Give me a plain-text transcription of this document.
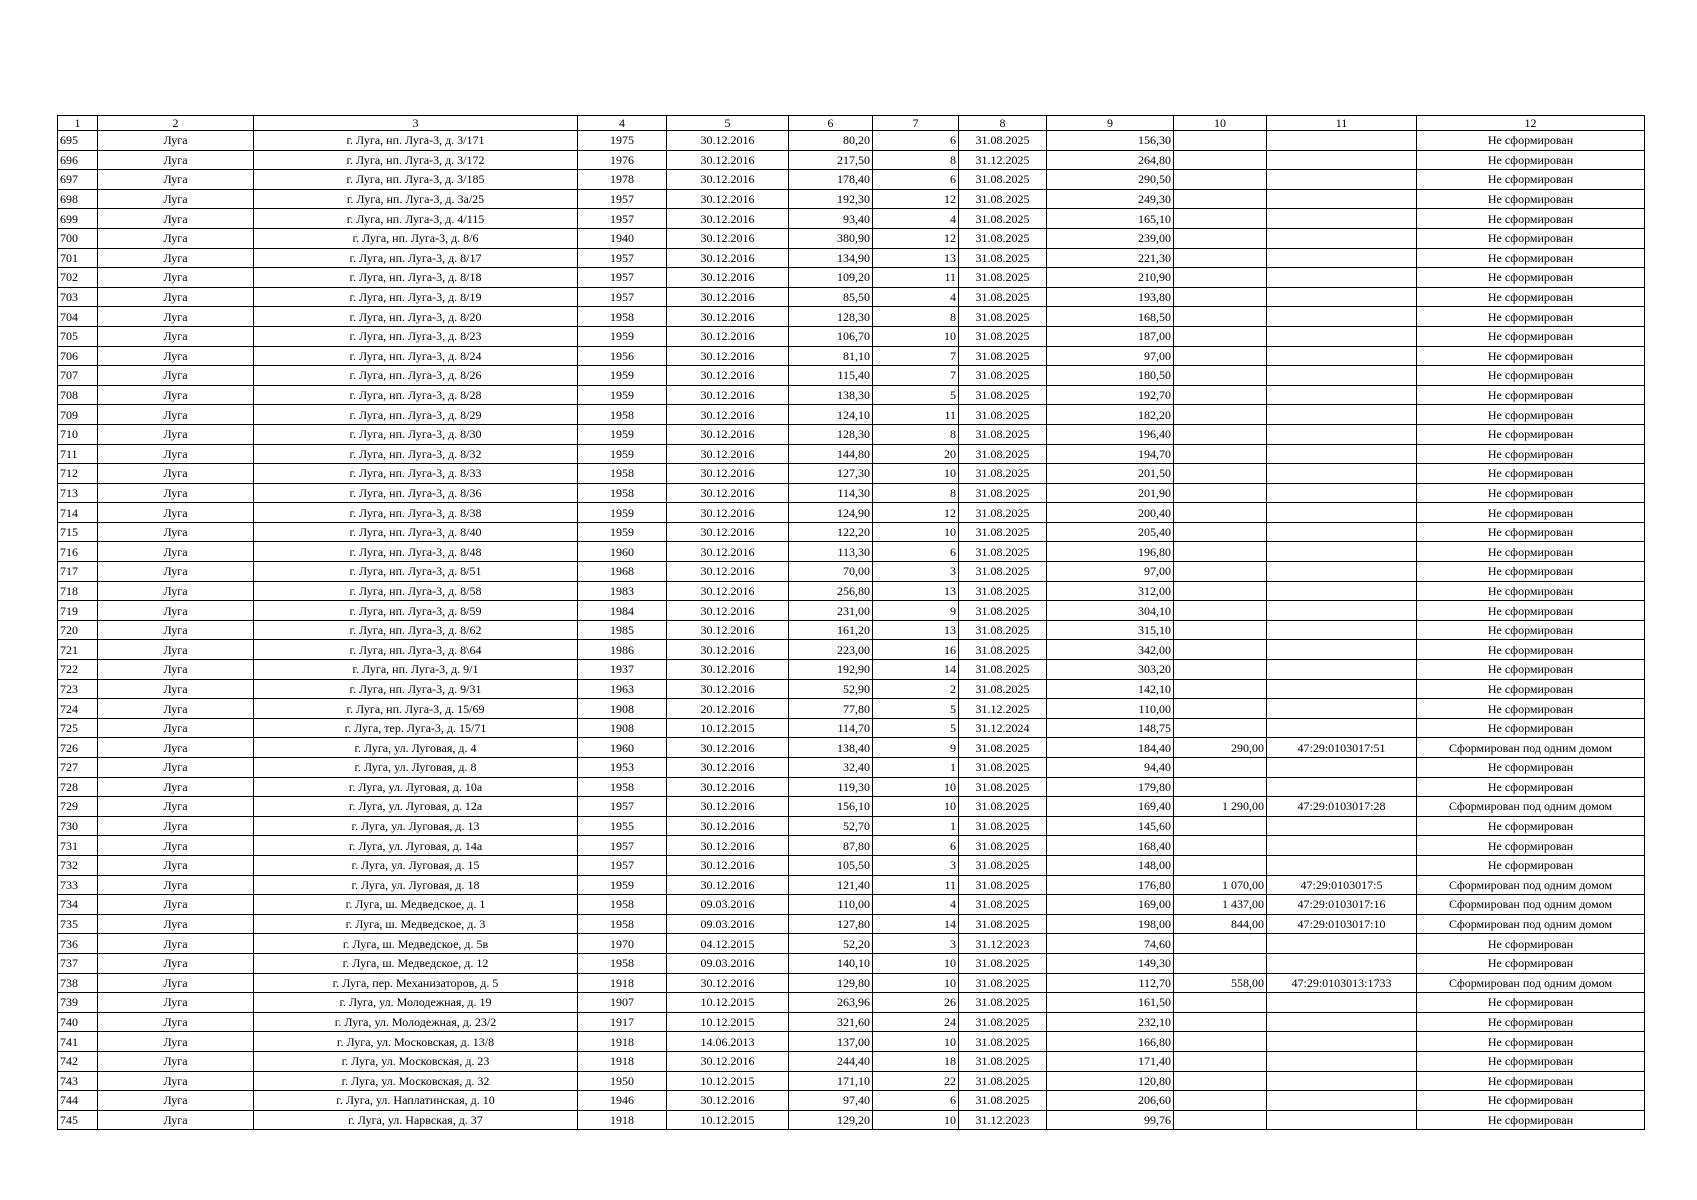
1	2	3	4	5	6	7	8	9	10	11	12
695	Луга	г. Луга, нп. Луга-3, д. 3/171	1975	30.12.2016	80,20	6	31.08.2025	156,30			Не сформирован
696	Луга	г. Луга, нп. Луга-3, д. 3/172	1976	30.12.2016	217,50	8	31.12.2025	264,80			Не сформирован
697	Луга	г. Луга, нп. Луга-3, д. 3/185	1978	30.12.2016	178,40	6	31.08.2025	290,50			Не сформирован
698	Луга	г. Луга, нп. Луга-3, д. 3а/25	1957	30.12.2016	192,30	12	31.08.2025	249,30			Не сформирован
699	Луга	г. Луга, нп. Луга-3, д. 4/115	1957	30.12.2016	93,40	4	31.08.2025	165,10			Не сформирован
700	Луга	г. Луга, нп. Луга-3, д. 8/6	1940	30.12.2016	380,90	12	31.08.2025	239,00			Не сформирован
701	Луга	г. Луга, нп. Луга-3, д. 8/17	1957	30.12.2016	134,90	13	31.08.2025	221,30			Не сформирован
702	Луга	г. Луга, нп. Луга-3, д. 8/18	1957	30.12.2016	109,20	11	31.08.2025	210,90			Не сформирован
703	Луга	г. Луга, нп. Луга-3, д. 8/19	1957	30.12.2016	85,50	4	31.08.2025	193,80			Не сформирован
704	Луга	г. Луга, нп. Луга-3, д. 8/20	1958	30.12.2016	128,30	8	31.08.2025	168,50			Не сформирован
705	Луга	г. Луга, нп. Луга-3, д. 8/23	1959	30.12.2016	106,70	10	31.08.2025	187,00			Не сформирован
706	Луга	г. Луга, нп. Луга-3, д. 8/24	1956	30.12.2016	81,10	7	31.08.2025	97,00			Не сформирован
707	Луга	г. Луга, нп. Луга-3, д. 8/26	1959	30.12.2016	115,40	7	31.08.2025	180,50			Не сформирован
708	Луга	г. Луга, нп. Луга-3, д. 8/28	1959	30.12.2016	138,30	5	31.08.2025	192,70			Не сформирован
709	Луга	г. Луга, нп. Луга-3, д. 8/29	1958	30.12.2016	124,10	11	31.08.2025	182,20			Не сформирован
710	Луга	г. Луга, нп. Луга-3, д. 8/30	1959	30.12.2016	128,30	8	31.08.2025	196,40			Не сформирован
711	Луга	г. Луга, нп. Луга-3, д. 8/32	1959	30.12.2016	144,80	20	31.08.2025	194,70			Не сформирован
712	Луга	г. Луга, нп. Луга-3, д. 8/33	1958	30.12.2016	127,30	10	31.08.2025	201,50			Не сформирован
713	Луга	г. Луга, нп. Луга-3, д. 8/36	1958	30.12.2016	114,30	8	31.08.2025	201,90			Не сформирован
714	Луга	г. Луга, нп. Луга-3, д. 8/38	1959	30.12.2016	124,90	12	31.08.2025	200,40			Не сформирован
715	Луга	г. Луга, нп. Луга-3, д. 8/40	1959	30.12.2016	122,20	10	31.08.2025	205,40			Не сформирован
716	Луга	г. Луга, нп. Луга-3, д. 8/48	1960	30.12.2016	113,30	6	31.08.2025	196,80			Не сформирован
717	Луга	г. Луга, нп. Луга-3, д. 8/51	1968	30.12.2016	70,00	3	31.08.2025	97,00			Не сформирован
718	Луга	г. Луга, нп. Луга-3, д. 8/58	1983	30.12.2016	256,80	13	31.08.2025	312,00			Не сформирован
719	Луга	г. Луга, нп. Луга-3, д. 8/59	1984	30.12.2016	231,00	9	31.08.2025	304,10			Не сформирован
720	Луга	г. Луга, нп. Луга-3, д. 8/62	1985	30.12.2016	161,20	13	31.08.2025	315,10			Не сформирован
721	Луга	г. Луга, нп. Луга-3, д. 8\64	1986	30.12.2016	223,00	16	31.08.2025	342,00			Не сформирован
722	Луга	г. Луга, нп. Луга-3, д. 9/1	1937	30.12.2016	192,90	14	31.08.2025	303,20			Не сформирован
723	Луга	г. Луга, нп. Луга-3, д. 9/31	1963	30.12.2016	52,90	2	31.08.2025	142,10			Не сформирован
724	Луга	г. Луга, нп. Луга-3, д. 15/69	1908	20.12.2016	77,80	5	31.12.2025	110,00			Не сформирован
725	Луга	г. Луга, тер. Луга-3, д. 15/71	1908	10.12.2015	114,70	5	31.12.2024	148,75			Не сформирован
726	Луга	г. Луга, ул. Луговая, д. 4	1960	30.12.2016	138,40	9	31.08.2025	184,40	290,00	47:29:0103017:51	Сформирован под одним домом
727	Луга	г. Луга, ул. Луговая, д. 8	1953	30.12.2016	32,40	1	31.08.2025	94,40			Не сформирован
728	Луга	г. Луга, ул. Луговая, д. 10а	1958	30.12.2016	119,30	10	31.08.2025	179,80			Не сформирован
729	Луга	г. Луга, ул. Луговая, д. 12а	1957	30.12.2016	156,10	10	31.08.2025	169,40	1 290,00	47:29:0103017:28	Сформирован под одним домом
730	Луга	г. Луга, ул. Луговая, д. 13	1955	30.12.2016	52,70	1	31.08.2025	145,60			Не сформирован
731	Луга	г. Луга, ул. Луговая, д. 14а	1957	30.12.2016	87,80	6	31.08.2025	168,40			Не сформирован
732	Луга	г. Луга, ул. Луговая, д. 15	1957	30.12.2016	105,50	3	31.08.2025	148,00			Не сформирован
733	Луга	г. Луга, ул. Луговая, д. 18	1959	30.12.2016	121,40	11	31.08.2025	176,80	1 070,00	47:29:0103017:5	Сформирован под одним домом
734	Луга	г. Луга, ш. Медведское, д. 1	1958	09.03.2016	110,00	4	31.08.2025	169,00	1 437,00	47:29:0103017:16	Сформирован под одним домом
735	Луга	г. Луга, ш. Медведское, д. 3	1958	09.03.2016	127,80	14	31.08.2025	198,00	844,00	47:29:0103017:10	Сформирован под одним домом
736	Луга	г. Луга, ш. Медведское, д. 5в	1970	04.12.2015	52,20	3	31.12.2023	74,60			Не сформирован
737	Луга	г. Луга, ш. Медведское, д. 12	1958	09.03.2016	140,10	10	31.08.2025	149,30			Не сформирован
738	Луга	г. Луга, пер. Механизаторов, д. 5	1918	30.12.2016	129,80	10	31.08.2025	112,70	558,00	47:29:0103013:1733	Сформирован под одним домом
739	Луга	г. Луга, ул. Молодежная, д. 19	1907	10.12.2015	263,96	26	31.08.2025	161,50			Не сформирован
740	Луга	г. Луга, ул. Молодежная, д. 23/2	1917	10.12.2015	321,60	24	31.08.2025	232,10			Не сформирован
741	Луга	г. Луга, ул. Московская, д. 13/8	1918	14.06.2013	137,00	10	31.08.2025	166,80			Не сформирован
742	Луга	г. Луга, ул. Московская, д. 23	1918	30.12.2016	244,40	18	31.08.2025	171,40			Не сформирован
743	Луга	г. Луга, ул. Московская, д. 32	1950	10.12.2015	171,10	22	31.08.2025	120,80			Не сформирован
744	Луга	г. Луга, ул. Наплатинская, д. 10	1946	30.12.2016	97,40	6	31.08.2025	206,60			Не сформирован
745	Луга	г. Луга, ул. Нарвская, д. 37	1918	10.12.2015	129,20	10	31.12.2023	99,76			Не сформирован
